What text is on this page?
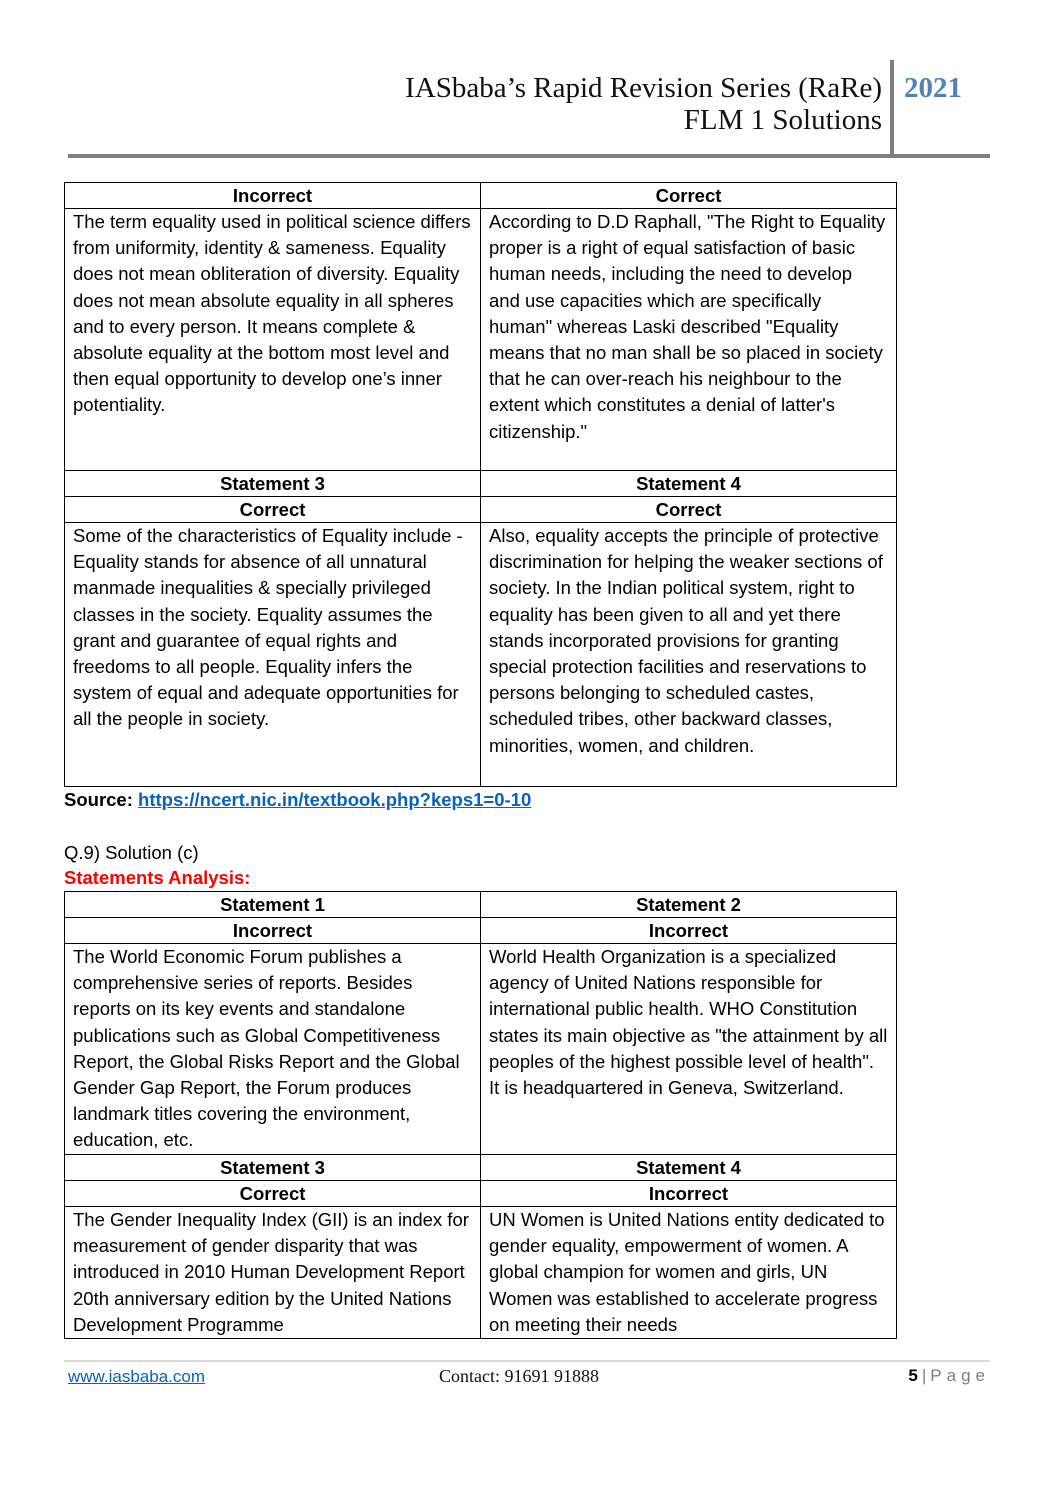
IASbaba’s Rapid Revision Series (RaRe)
FLM 1 Solutions
2021
Incorrect	Correct
The term equality used in political science differs from uniformity, identity & sameness. Equality does not mean obliteration of diversity. Equality does not mean absolute equality in all spheres and to every person. It means complete & absolute equality at the bottom most level and then equal opportunity to develop one’s inner potentiality.	According to D.D Raphall, "The Right to Equality proper is a right of equal satisfaction of basic human needs, including the need to develop and use capacities which are specifically human" whereas Laski described "Equality means that no man shall be so placed in society that he can over-reach his neighbour to the extent which constitutes a denial of latter's citizenship."
Statement 3	Statement 4
Correct	Correct
Some of the characteristics of Equality include - Equality stands for absence of all unnatural manmade inequalities & specially privileged classes in the society. Equality assumes the grant and guarantee of equal rights and freedoms to all people. Equality infers the system of equal and adequate opportunities for all the people in society.	Also, equality accepts the principle of protective discrimination for helping the weaker sections of society. In the Indian political system, right to equality has been given to all and yet there stands incorporated provisions for granting special protection facilities and reservations to persons belonging to scheduled castes, scheduled tribes, other backward classes, minorities, women, and children.
Source: https://ncert.nic.in/textbook.php?keps1=0-10
Q.9) Solution (c)
Statements Analysis:
Statement 1	Statement 2
Incorrect	Incorrect
The World Economic Forum publishes a comprehensive series of reports. Besides reports on its key events and standalone publications such as Global Competitiveness Report, the Global Risks Report and the Global Gender Gap Report, the Forum produces landmark titles covering the environment, education, etc.	World Health Organization is a specialized agency of United Nations responsible for international public health. WHO Constitution states its main objective as "the attainment by all peoples of the highest possible level of health". It is headquartered in Geneva, Switzerland.
Statement 3	Statement 4
Correct	Incorrect
The Gender Inequality Index (GII) is an index for measurement of gender disparity that was introduced in 2010 Human Development Report 20th anniversary edition by the United Nations Development Programme	UN Women is United Nations entity dedicated to gender equality, empowerment of women. A global champion for women and girls, UN Women was established to accelerate progress on meeting their needs
www.iasbaba.com	Contact: 91691 91888	5 | Page
